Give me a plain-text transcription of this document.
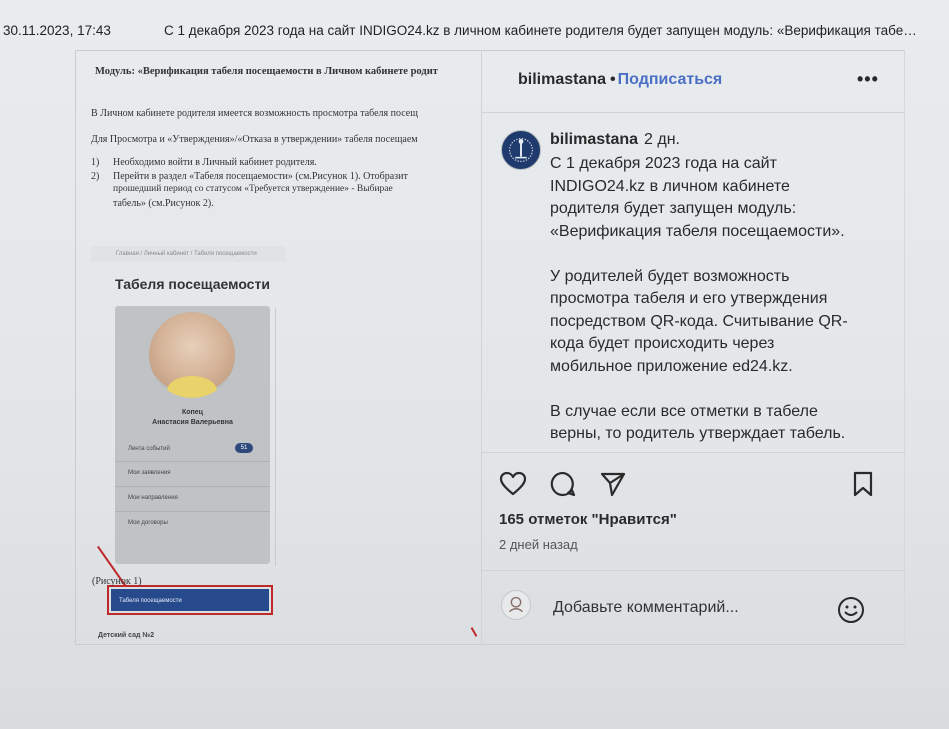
30.11.2023, 17:43	С 1 декабря 2023 года на сайт INDIGO24.kz в личном кабинете родителя будет запущен модуль: «Верификация табе…
Модуль: «Верификация табеля посещаемости в Личном кабинете родит
В Личном кабинете родителя имеется возможность просмотра табеля посещ
Для Просмотра и «Утверждения»/«Отказа в утверждении» табеля посещаем
1) Необходимо войти в Личный кабинет родителя.
2) Перейти в раздел «Табеля посещаемости» (см.Рисунок 1). Отобразит
прошедший период со статусом «Требуется утверждение» - Выбирае
табель» (см.Рисунок 2).
Главная / Личный кабинет / Табеля посещаемости
Табеля посещаемости
Копец
Анастасия Валерьевна
Лента событий	51
Мои заявления
Мои направления
Мои договоры
Табеля посещаемости
(Рисунок 1)
Детский сад №2
bilimastana • Подписаться	•••
bilimastana 2 дн.

С 1 декабря 2023 года на сайт
INDIGO24.kz в личном кабинете
родителя будет запущен модуль:
«Верификация табеля посещаемости».

У родителей будет возможность
просмотра табеля и его утверждения
посредством QR-кода. Считывание QR-
кода будет происходить через
мобильное приложение ed24.kz.

В случае если все отметки в табеле
верны, то родитель утверждает табель.

165 отметок "Нравится"
2 дней назад
Добавьте комментарий...
